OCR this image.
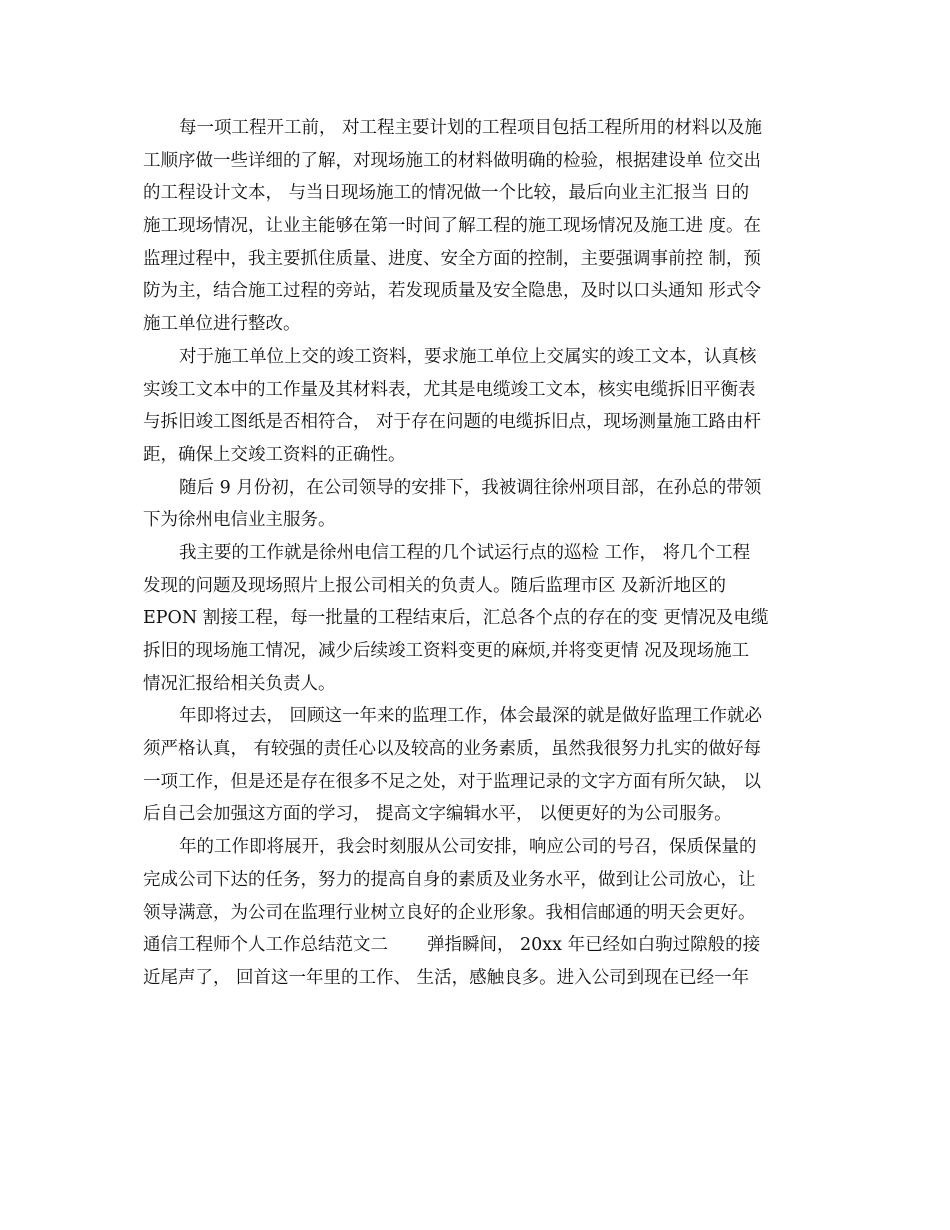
每一项工程开工前， 对工程主要计划的工程项目包括工程所用的材料以及施
工顺序做一些详细的了解，对现场施工的材料做明确的检验，根据建设单 位交出
的工程设计文本， 与当日现场施工的情况做一个比较，最后向业主汇报当 日的
施工现场情况，让业主能够在第一时间了解工程的施工现场情况及施工进 度。在
监理过程中，我主要抓住质量、进度、安全方面的控制，主要强调事前控 制，预
防为主，结合施工过程的旁站，若发现质量及安全隐患，及时以口头通知 形式令
施工单位进行整改。
对于施工单位上交的竣工资料，要求施工单位上交属实的竣工文本，认真核
实竣工文本中的工作量及其材料表，尤其是电缆竣工文本，核实电缆拆旧平衡表
与拆旧竣工图纸是否相符合， 对于存在问题的电缆拆旧点，现场测量施工路由杆
距，确保上交竣工资料的正确性。
随后 9 月份初，在公司领导的安排下，我被调往徐州项目部，在孙总的带领
下为徐州电信业主服务。
我主要的工作就是徐州电信工程的几个试运行点的巡检 工作， 将几个工程
发现的问题及现场照片上报公司相关的负责人。随后监理市区 及新沂地区的
EPON 割接工程，每一批量的工程结束后，汇总各个点的存在的变 更情况及电缆
拆旧的现场施工情况，减少后续竣工资料变更的麻烦,并将变更情 况及现场施工
情况汇报给相关负责人。
年即将过去， 回顾这一年来的监理工作，体会最深的就是做好监理工作就必
须严格认真， 有较强的责任心以及较高的业务素质，虽然我很努力扎实的做好每
一项工作，但是还是存在很多不足之处，对于监理记录的文字方面有所欠缺， 以
后自己会加强这方面的学习， 提高文字编辑水平， 以便更好的为公司服务。
年的工作即将展开，我会时刻服从公司安排，响应公司的号召，保质保量的
完成公司下达的任务，努力的提高自身的素质及业务水平，做到让公司放心，让
领导满意，为公司在监理行业树立良好的企业形象。我相信邮通的明天会更好。
通信工程师个人工作总结范文二       弹指瞬间， 20xx 年已经如白驹过隙般的接
近尾声了， 回首这一年里的工作、 生活，感触良多。进入公司到现在已经一年
